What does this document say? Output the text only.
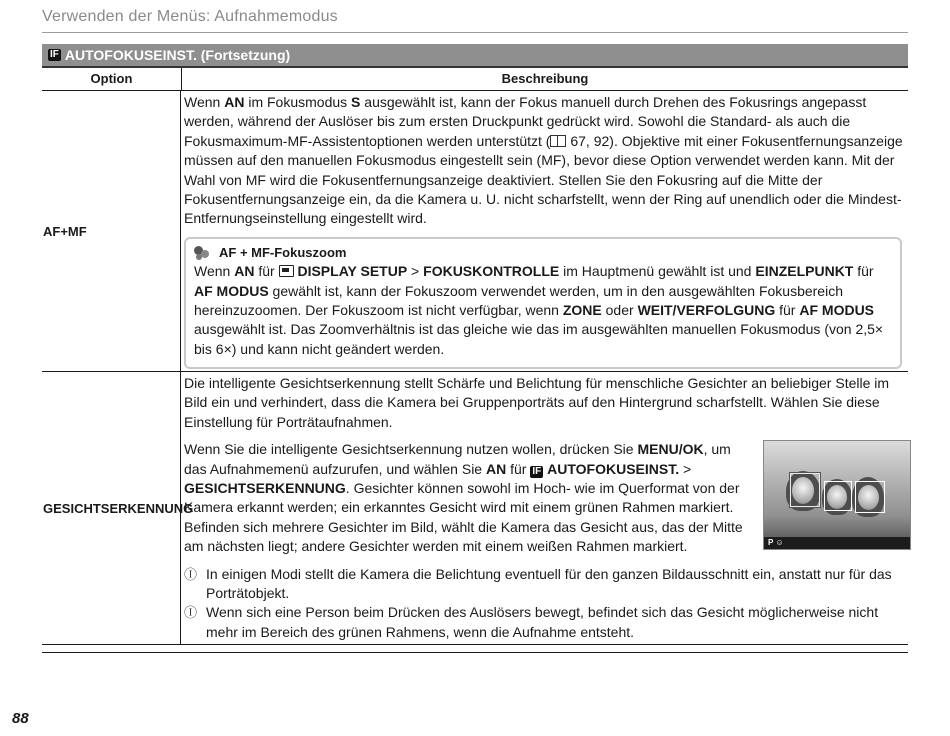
Verwenden der Menüs: Aufnahmemodus
IF AUTOFOKUSEINST. (Fortsetzung)
Option	Beschreibung
AF+MF

Wenn AN im Fokusmodus S ausgewählt ist, kann der Fokus manuell durch Drehen des Fokusrings angepasst werden, während der Auslöser bis zum ersten Druckpunkt gedrückt wird. Sowohl die Standard- als auch die Fokusmaximum-MF-Assistentoptionen werden unterstützt ( 67, 92). Objektive mit einer Fokusentfernungsanzeige müssen auf den manuellen Fokusmodus eingestellt sein (MF), bevor diese Option verwendet werden kann. Mit der Wahl von MF wird die Fokusentfernungsanzeige deaktiviert. Stellen Sie den Fokusring auf die Mitte der Fokusentfernungsanzeige ein, da die Kamera u. U. nicht scharfstellt, wenn der Ring auf unendlich oder die Mindest-Entfernungseinstellung eingestellt wird.

AF + MF-Fokuszoom

Wenn AN für  DISPLAY SETUP > FOKUSKONTROLLE im Hauptmenü gewählt ist und EINZELPUNKT für AF MODUS gewählt ist, kann der Fokuszoom verwendet werden, um in den ausgewählten Fokusbereich hereinzuzoomen. Der Fokuszoom ist nicht verfügbar, wenn ZONE oder WEIT/VERFOLGUNG für AF MODUS ausgewählt ist. Das Zoomverhältnis ist das gleiche wie das im ausgewählten manuellen Fokusmodus (von 2,5× bis 6×) und kann nicht geändert werden.

GESICHTSERKENNUNG

Die intelligente Gesichtserkennung stellt Schärfe und Belichtung für menschliche Gesichter an beliebiger Stelle im Bild ein und verhindert, dass die Kamera bei Gruppenporträts auf den Hintergrund scharfstellt. Wählen Sie diese Einstellung für Porträtaufnahmen.

Wenn Sie die intelligente Gesichtserkennung nutzen wollen, drücken Sie MENU/OK, um das Aufnahmemenü aufzurufen, und wählen Sie AN für IF AUTOFOKUSEINST. > GESICHTSERKENNUNG. Gesichter können sowohl im Hoch- wie im Querformat von der Kamera erkannt werden; ein erkanntes Gesicht wird mit einem grünen Rahmen markiert. Befinden sich mehrere Gesichter im Bild, wählt die Kamera das Gesicht aus, das der Mitte am nächsten liegt; andere Gesichter werden mit einem weißen Rahmen markiert.	P ☺
Ⓘ In einigen Modi stellt die Kamera die Belichtung eventuell für den ganzen Bildausschnitt ein, anstatt nur für das Porträtobjekt.
Ⓘ Wenn sich eine Person beim Drücken des Auslösers bewegt, befindet sich das Gesicht möglicherweise nicht mehr im Bereich des grünen Rahmens, wenn die Aufnahme entsteht.
88
